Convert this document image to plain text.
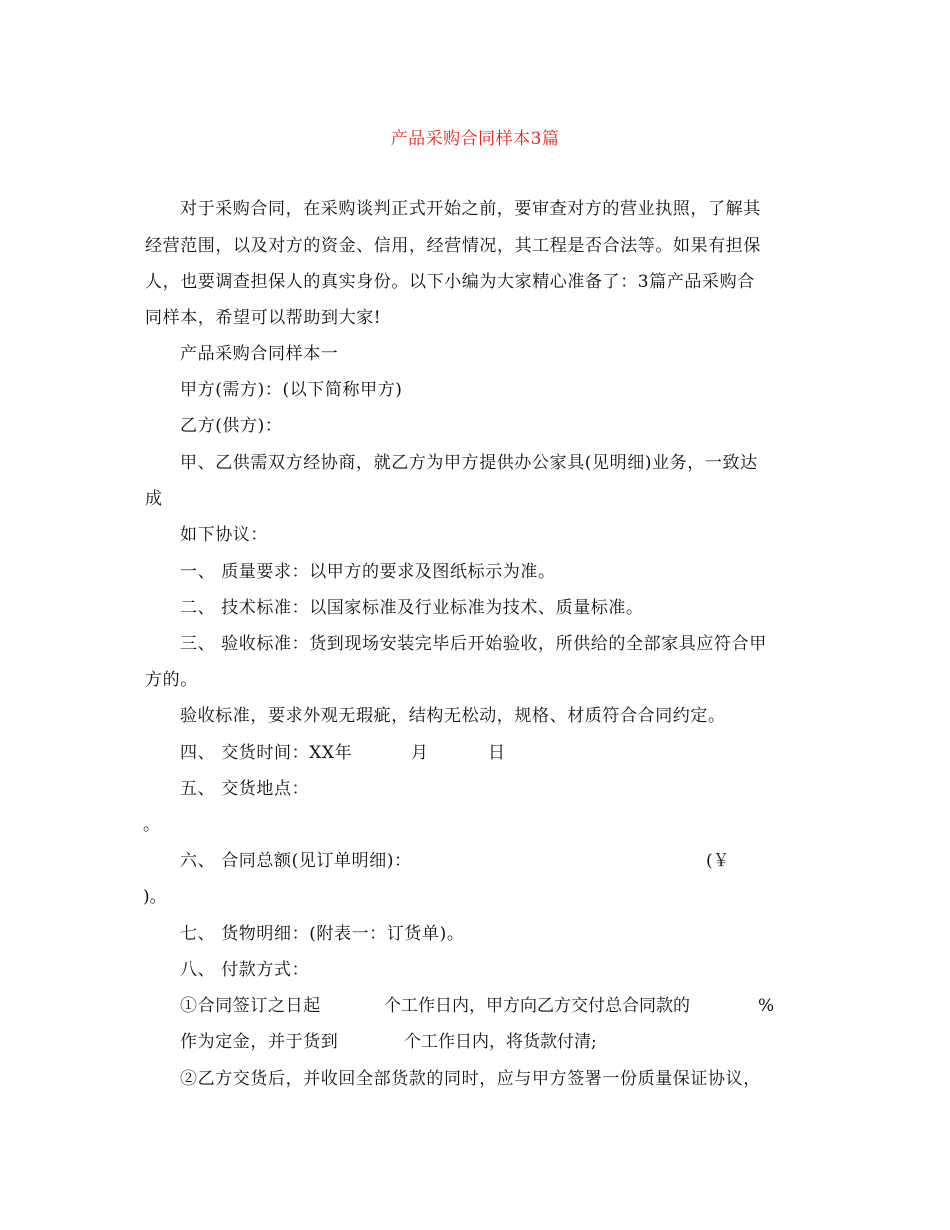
产品采购合同样本3篇
对于采购合同，在采购谈判正式开始之前，要审查对方的营业执照，了解其
经营范围，以及对方的资金、信用，经营情况，其工程是否合法等。如果有担保
人，也要调查担保人的真实身份。以下小编为大家精心准备了：3篇产品采购合
同样本，希望可以帮助到大家!
产品采购合同样本一
甲方(需方)：(以下简称甲方)
乙方(供方)：
甲、乙供需双方经协商，就乙方为甲方提供办公家具(见明细)业务，一致达
成
如下协议：
一、 质量要求：以甲方的要求及图纸标示为准。
二、 技术标准：以国家标准及行业标准为技术、质量标准。
三、 验收标准：货到现场安装完毕后开始验收，所供给的全部家具应符合甲
方的。
验收标准，要求外观无瑕疵，结构无松动，规格、材质符合合同约定。
四、 交货时间：XX年	月	日
五、 交货地点：
。
六、 合同总额(见订单明细)：	(￥
)。
七、 货物明细：(附表一：订货单)。
八、 付款方式：
①合同签订之日起	个工作日内，甲方向乙方交付总合同款的	%
作为定金，并于货到	个工作日内，将货款付清;
②乙方交货后，并收回全部货款的同时，应与甲方签署一份质量保证协议，
